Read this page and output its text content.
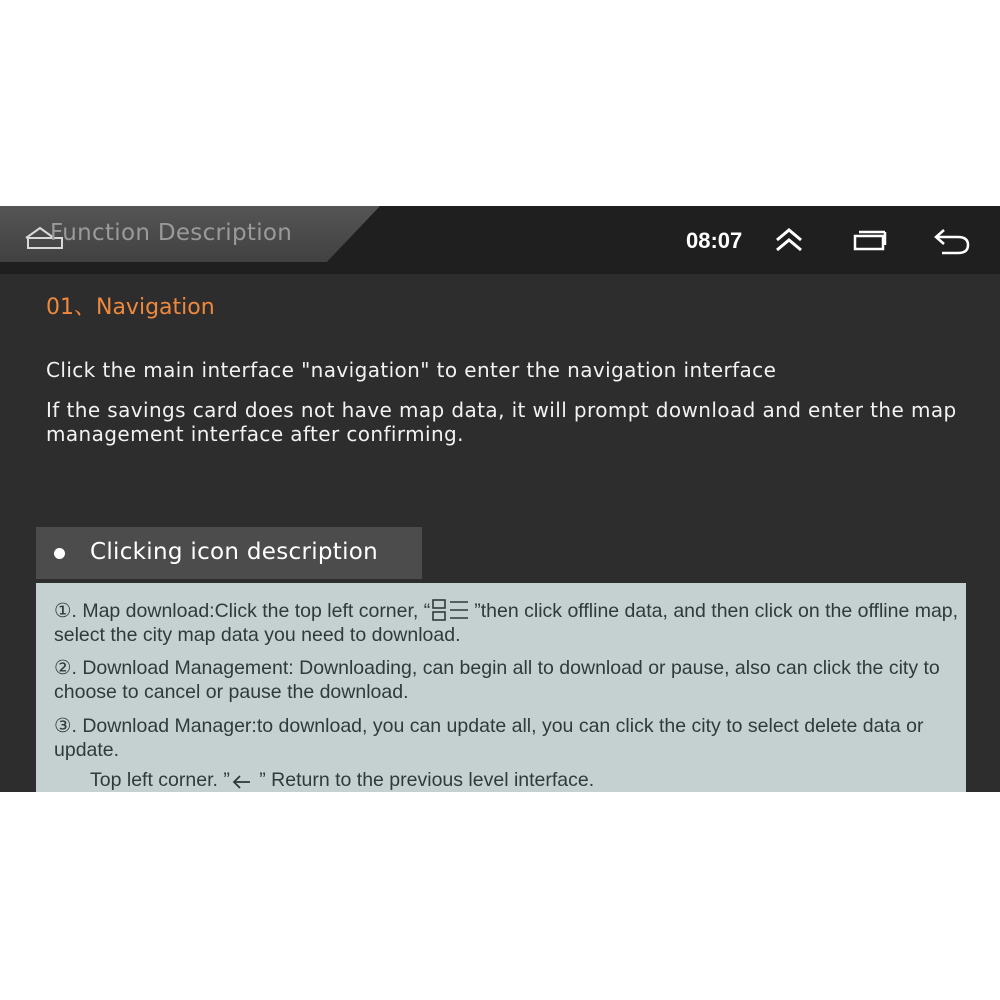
Function Description	08:07
01、Navigation
Click the main interface "navigation" to enter the navigation interface
If the savings card does not have map data, it will prompt download and enter the map management interface after confirming.
Clicking icon description
①. Map download:Click the top left corner, “ ”then click offline data, and then click on the offline map, select the city map data you need to download.
②. Download Management: Downloading, can begin all to download or pause, also can click the city to choose to cancel or pause the download.
③. Download Manager:to download, you can update all, you can click the city to select delete data or update.
Top left corner. ” ” Return to the previous level interface.
